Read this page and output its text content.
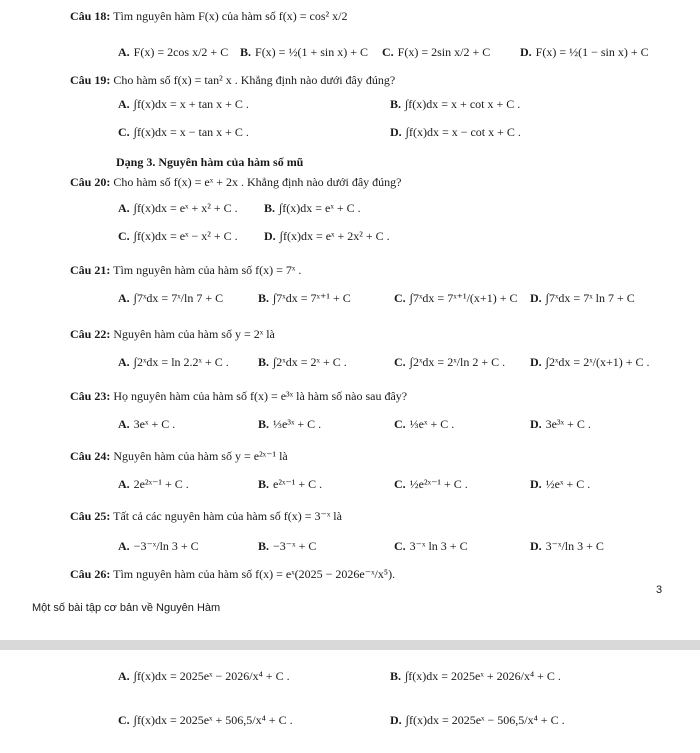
Câu 18: Tìm nguyên hàm F(x) của hàm số f(x) = cos² x/2
A. F(x) = 2cos x/2 + C B. F(x) = ½(1 + sin x) + C C. F(x) = 2sin x/2 + C D. F(x) = ½(1 − sin x) + C
Câu 19: Cho hàm số f(x) = tan² x . Khẳng định nào dưới đây đúng?
A. ∫f(x)dx = x + tan x + C .	B. ∫f(x)dx = x + cot x + C .
C. ∫f(x)dx = x − tan x + C .	D. ∫f(x)dx = x − cot x + C .
Dạng 3. Nguyên hàm của hàm số mũ
Câu 20: Cho hàm số f(x) = eˣ + 2x . Khẳng định nào dưới đây đúng?
A. ∫f(x)dx = eˣ + x² + C . B. ∫f(x)dx = eˣ + C .
C. ∫f(x)dx = eˣ − x² + C . D. ∫f(x)dx = eˣ + 2x² + C .
Câu 21: Tìm nguyên hàm của hàm số f(x) = 7ˣ .
A. ∫7ˣdx = 7ˣ/ln 7 + C	B. ∫7ˣdx = 7ˣ⁺¹ + C	C. ∫7ˣdx = 7ˣ⁺¹/(x+1) + C D. ∫7ˣdx = 7ˣ ln 7 + C
Câu 22: Nguyên hàm của hàm số y = 2ˣ là
A. ∫2ˣdx = ln 2.2ˣ + C . B. ∫2ˣdx = 2ˣ + C .	C. ∫2ˣdx = 2ˣ/ln 2 + C . D. ∫2ˣdx = 2ˣ/(x+1) + C .
Câu 23: Họ nguyên hàm của hàm số f(x) = e³ˣ là hàm số nào sau đây?
A. 3eˣ + C .	B. ⅓e³ˣ + C .	C. ⅓eˣ + C .	D. 3e³ˣ + C .
Câu 24: Nguyên hàm của hàm số y = e²ˣ⁻¹ là
A. 2e²ˣ⁻¹ + C .	B. e²ˣ⁻¹ + C .	C. ½e²ˣ⁻¹ + C .	D. ½eˣ + C .
Câu 25: Tất cả các nguyên hàm của hàm số f(x) = 3⁻ˣ là
A. −3⁻ˣ/ln 3 + C	B. −3⁻ˣ + C	C. 3⁻ˣ ln 3 + C	D. 3⁻ˣ/ln 3 + C
Câu 26: Tìm nguyên hàm của hàm số f(x) = eˣ(2025 − 2026e⁻ˣ/x⁵).
3
Một số bài tập cơ bản về Nguyên Hàm
A. ∫f(x)dx = 2025eˣ − 2026/x⁴ + C .	B. ∫f(x)dx = 2025eˣ + 2026/x⁴ + C .
C. ∫f(x)dx = 2025eˣ + 506,5/x⁴ + C .	D. ∫f(x)dx = 2025eˣ − 506,5/x⁴ + C .
